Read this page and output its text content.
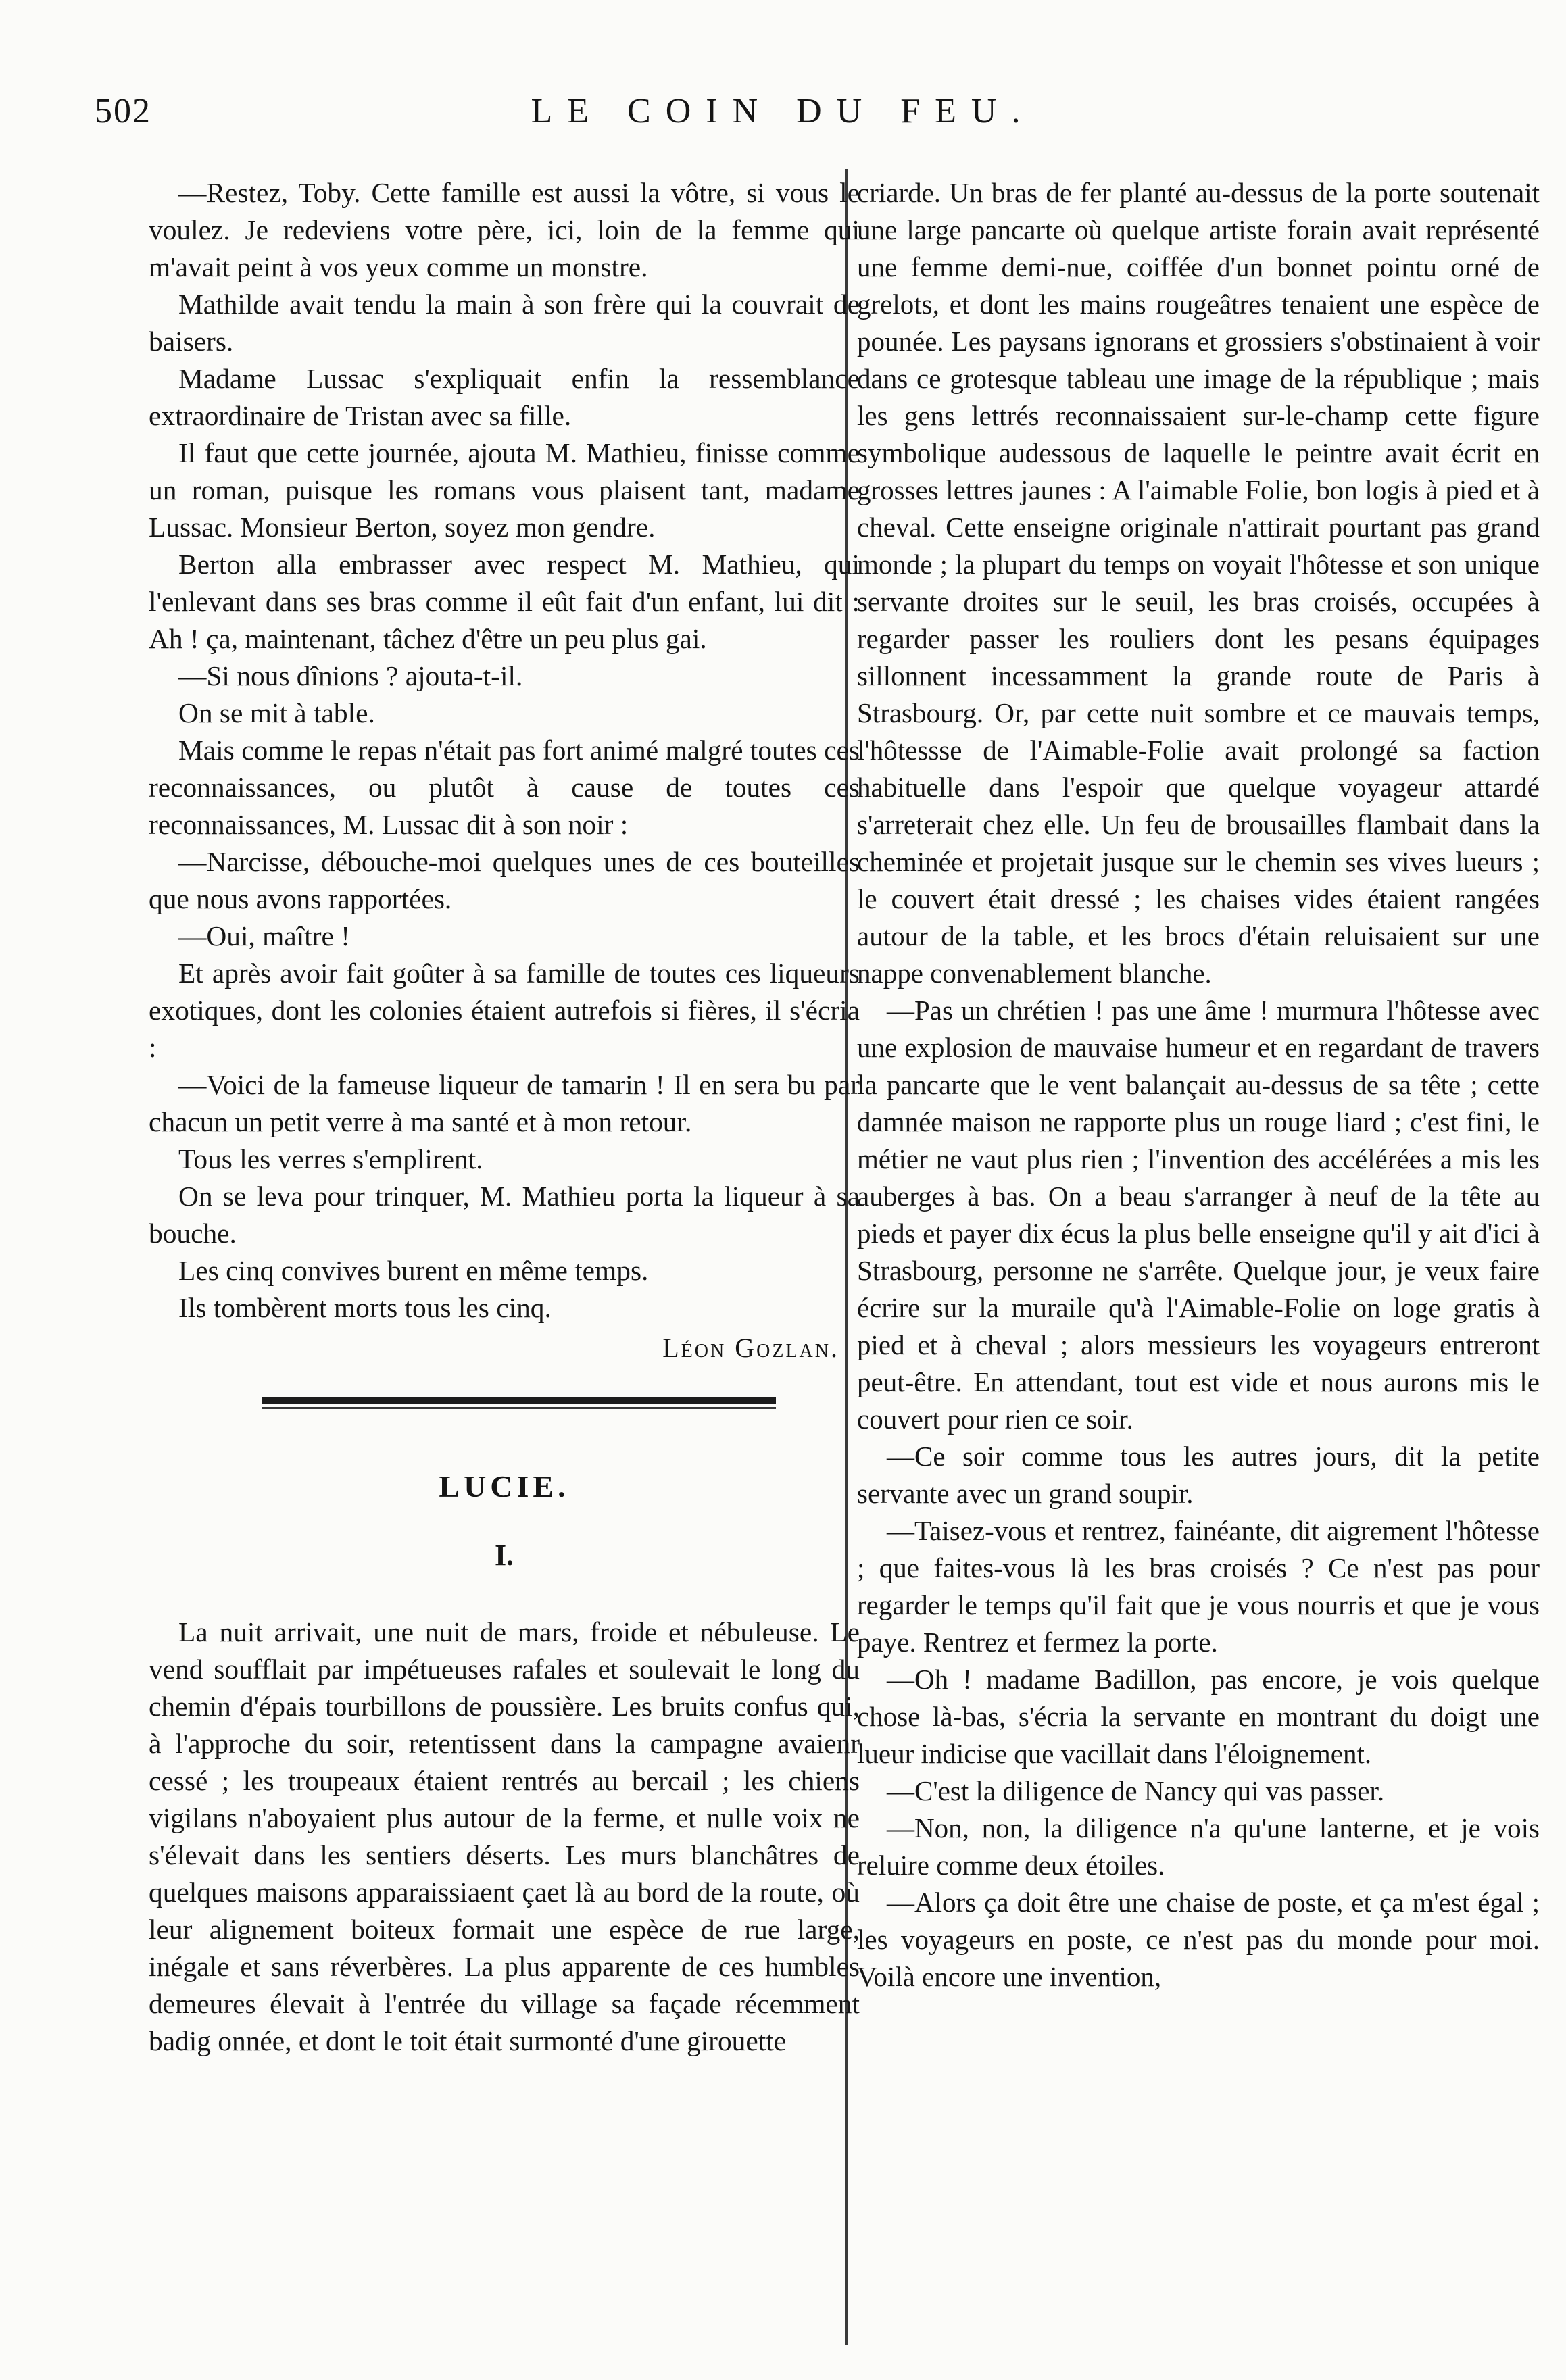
502	LE COIN DU FEU.

—Restez, Toby. Cette famille est aussi la vôtre, si vous le voulez. Je redeviens votre père, ici, loin de la femme qui m'avait peint à vos yeux comme un monstre.

Mathilde avait tendu la main à son frère qui la couvrait de baisers.

Madame Lussac s'expliquait enfin la ressemblance extraordinaire de Tristan avec sa fille.

Il faut que cette journée, ajouta M. Mathieu, finisse comme un roman, puisque les romans vous plaisent tant, madame Lussac. Monsieur Berton, soyez mon gendre.

Berton alla embrasser avec respect M. Mathieu, qui l'enlevant dans ses bras comme il eût fait d'un enfant, lui dit : Ah ! ça, maintenant, tâchez d'être un peu plus gai.

—Si nous dînions ? ajouta-t-il.

On se mit à table.

Mais comme le repas n'était pas fort animé malgré toutes ces reconnaissances, ou plutôt à cause de toutes ces reconnaissances, M. Lussac dit à son noir :

—Narcisse, débouche-moi quelques unes de ces bouteilles que nous avons rapportées.

—Oui, maître !

Et après avoir fait goûter à sa famille de toutes ces liqueurs exotiques, dont les colonies étaient autrefois si fières, il s'écria :

—Voici de la fameuse liqueur de tamarin ! Il en sera bu par chacun un petit verre à ma santé et à mon retour.

Tous les verres s'emplirent.

On se leva pour trinquer, M. Mathieu porta la liqueur à sa bouche.

Les cinq convives burent en même temps.

Ils tombèrent morts tous les cinq.

Léon Gozlan.

LUCIE.
I.

La nuit arrivait, une nuit de mars, froide et nébuleuse. Le vend soufflait par impétueuses rafales et soulevait le long du chemin d'épais tourbillons de poussière. Les bruits confus qui, à l'approche du soir, retentissent dans la campagne avaienr cessé ; les troupeaux étaient rentrés au bercail ; les chiens vigilans n'aboyaient plus autour de la ferme, et nulle voix ne s'élevait dans les sentiers déserts. Les murs blanchâtres de quelques maisons apparaissiaent çaet là au bord de la route, où leur alignement boiteux formait une espèce de rue large, inégale et sans réverbères. La plus apparente de ces humbles demeures élevait à l'entrée du village sa façade récemment badig onnée, et dont le toit était surmonté d'une girouette

criarde. Un bras de fer planté au-dessus de la porte soutenait une large pancarte où quelque artiste forain avait représenté une femme demi-nue, coiffée d'un bonnet pointu orné de grelots, et dont les mains rougeâtres tenaient une espèce de pounée. Les paysans ignorans et grossiers s'obstinaient à voir dans ce grotesque tableau une image de la république ; mais les gens lettrés reconnaissaient sur-le-champ cette figure symbolique audessous de laquelle le peintre avait écrit en grosses lettres jaunes : A l'aimable Folie, bon logis à pied et à cheval. Cette enseigne originale n'attirait pourtant pas grand monde ; la plupart du temps on voyait l'hôtesse et son unique servante droites sur le seuil, les bras croisés, occupées à regarder passer les rouliers dont les pesans équipages sillonnent incessamment la grande route de Paris à Strasbourg. Or, par cette nuit sombre et ce mauvais temps, l'hôtessse de l'Aimable-Folie avait prolongé sa faction habituelle dans l'espoir que quelque voyageur attardé s'arreterait chez elle. Un feu de brousailles flambait dans la cheminée et projetait jusque sur le chemin ses vives lueurs ; le couvert était dressé ; les chaises vides étaient rangées autour de la table, et les brocs d'étain reluisaient sur une nappe convenablement blanche.

—Pas un chrétien ! pas une âme ! murmura l'hôtesse avec une explosion de mauvaise humeur et en regardant de travers la pancarte que le vent balançait au-dessus de sa tête ; cette damnée maison ne rapporte plus un rouge liard ; c'est fini, le métier ne vaut plus rien ; l'invention des accélérées a mis les auberges à bas. On a beau s'arranger à neuf de la tête au pieds et payer dix écus la plus belle enseigne qu'il y ait d'ici à Strasbourg, personne ne s'arrête. Quelque jour, je veux faire écrire sur la muraile qu'à l'Aimable-Folie on loge gratis à pied et à cheval ; alors messieurs les voyageurs entreront peut-être. En attendant, tout est vide et nous aurons mis le couvert pour rien ce soir.

—Ce soir comme tous les autres jours, dit la petite servante avec un grand soupir.

—Taisez-vous et rentrez, fainéante, dit aigrement l'hôtesse ; que faites-vous là les bras croisés ? Ce n'est pas pour regarder le temps qu'il fait que je vous nourris et que je vous paye. Rentrez et fermez la porte.

—Oh ! madame Badillon, pas encore, je vois quelque chose là-bas, s'écria la servante en montrant du doigt une lueur indicise que vacillait dans l'éloignement.

—C'est la diligence de Nancy qui vas passer.

—Non, non, la diligence n'a qu'une lanterne, et je vois reluire comme deux étoiles.

—Alors ça doit être une chaise de poste, et ça m'est égal ; les voyageurs en poste, ce n'est pas du monde pour moi. Voilà encore une invention,
